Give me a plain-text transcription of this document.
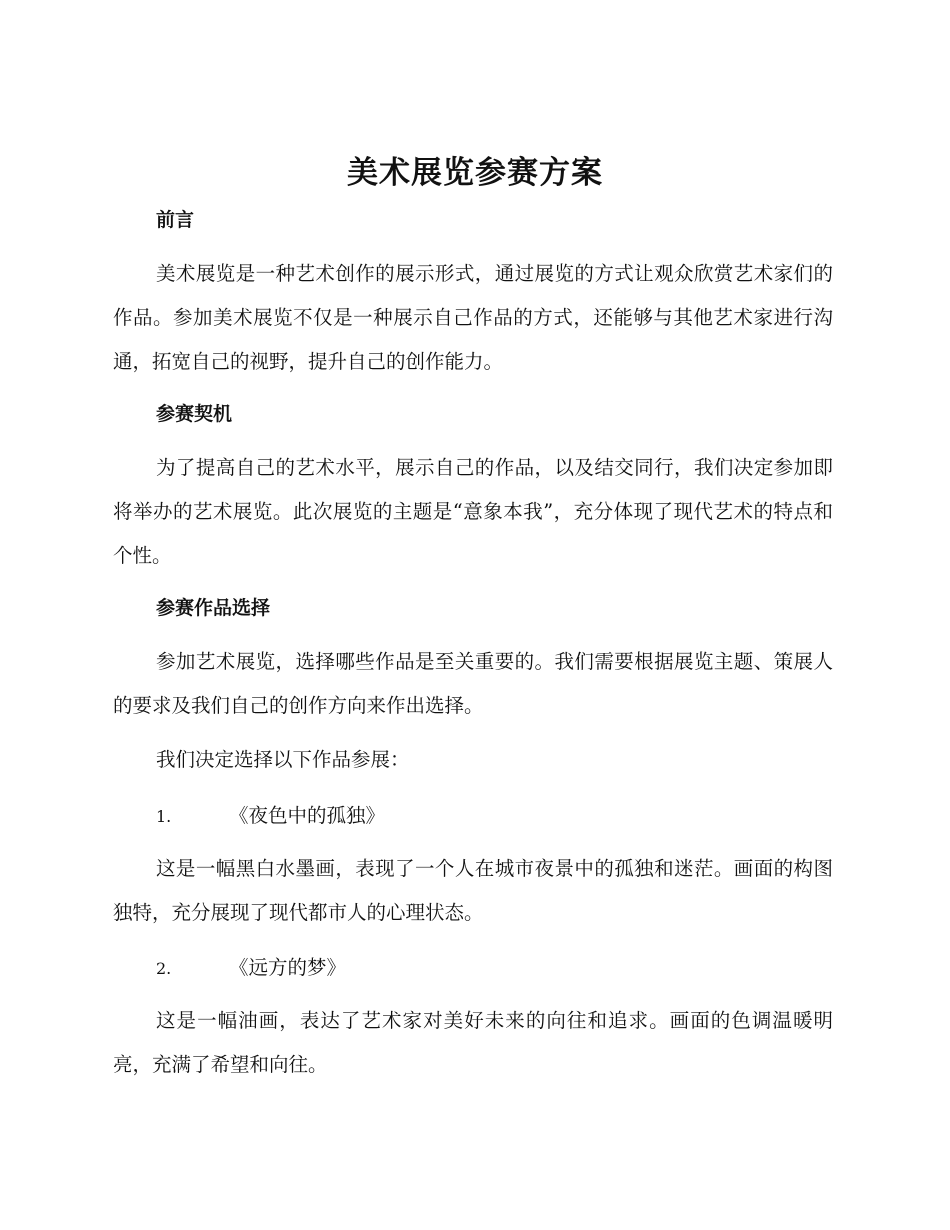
美术展览参赛方案
前言

美术展览是一种艺术创作的展示形式，通过展览的方式让观众欣赏艺术家们的作品。参加美术展览不仅是一种展示自己作品的方式，还能够与其他艺术家进行沟通，拓宽自己的视野，提升自己的创作能力。

参赛契机

为了提高自己的艺术水平，展示自己的作品，以及结交同行，我们决定参加即将举办的艺术展览。此次展览的主题是“意象本我”，充分体现了现代艺术的特点和个性。

参赛作品选择

参加艺术展览，选择哪些作品是至关重要的。我们需要根据展览主题、策展人的要求及我们自己的创作方向来作出选择。

我们决定选择以下作品参展：

1.	《夜色中的孤独》

这是一幅黑白水墨画，表现了一个人在城市夜景中的孤独和迷茫。画面的构图独特，充分展现了现代都市人的心理状态。

2.	《远方的梦》

这是一幅油画，表达了艺术家对美好未来的向往和追求。画面的色调温暖明亮，充满了希望和向往。
